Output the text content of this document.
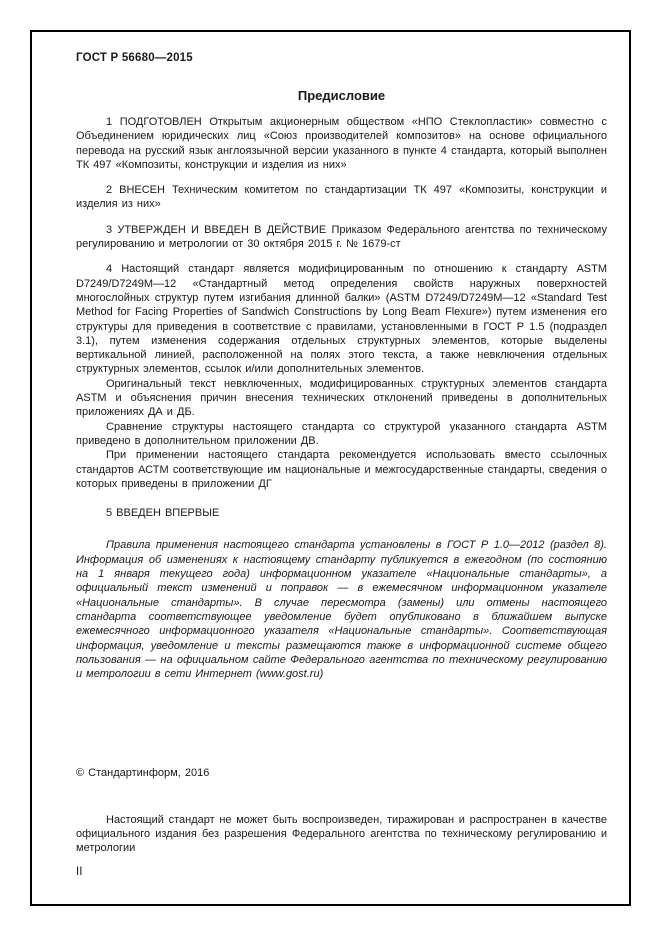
ГОСТ Р 56680—2015
Предисловие

1 ПОДГОТОВЛЕН Открытым акционерным обществом «НПО Стеклопластик» совместно с Объединением юридических лиц «Союз производителей композитов» на основе официального перевода на русский язык англоязычной версии указанного в пункте 4 стандарта, который выполнен ТК 497 «Композиты, конструкции и изделия из них»

2 ВНЕСЕН Техническим комитетом по стандартизации ТК 497 «Композиты, конструкции и изделия из них»

3 УТВЕРЖДЕН И ВВЕДЕН В ДЕЙСТВИЕ Приказом Федерального агентства по техническому регулированию и метрологии от 30 октября 2015 г. № 1679-ст

4 Настоящий стандарт является модифицированным по отношению к стандарту ASTM D7249/D7249M—12 «Стандартный метод определения свойств наружных поверхностей многослойных структур путем изгибания длинной балки» (ASTM D7249/D7249M—12 «Standard Test Method for Facing Properties of Sandwich Constructions by Long Beam Flexure») путем изменения его структуры для приведения в соответствие с правилами, установленными в ГОСТ Р 1.5 (подраздел 3.1), путем изменения содержания отдельных структурных элементов, которые выделены вертикальной линией, расположенной на полях этого текста, а также невключения отдельных структурных элементов, ссылок и/или дополнительных элементов.

Оригинальный текст невключенных, модифицированных структурных элементов стандарта ASTM и объяснения причин внесения технических отклонений приведены в дополнительных приложениях ДА и ДБ.

Сравнение структуры настоящего стандарта со структурой указанного стандарта ASTM приведено в дополнительном приложении ДВ.

При применении настоящего стандарта рекомендуется использовать вместо ссылочных стандартов АСТМ соответствующие им национальные и межгосударственные стандарты, сведения о которых приведены в приложении ДГ

5 ВВЕДЕН ВПЕРВЫЕ

Правила применения настоящего стандарта установлены в ГОСТ Р 1.0—2012 (раздел 8). Информация об изменениях к настоящему стандарту публикуется в ежегодном (по состоянию на 1 января текущего года) информационном указателе «Национальные стандарты», а официальный текст изменений и поправок — в ежемесячном информационном указателе «Национальные стандарты». В случае пересмотра (замены) или отмены настоящего стандарта соответствующее уведомление будет опубликовано в ближайшем выпуске ежемесячного информационного указателя «Национальные стандарты». Соответствующая информация, уведомление и тексты размещаются также в информационной системе общего пользования — на официальном сайте Федерального агентства по техническому регулированию и метрологии в сети Интернет (www.gost.ru)

© Стандартинформ, 2016

Настоящий стандарт не может быть воспроизведен, тиражирован и распространен в качестве официального издания без разрешения Федерального агентства по техническому регулированию и метрологии

II
